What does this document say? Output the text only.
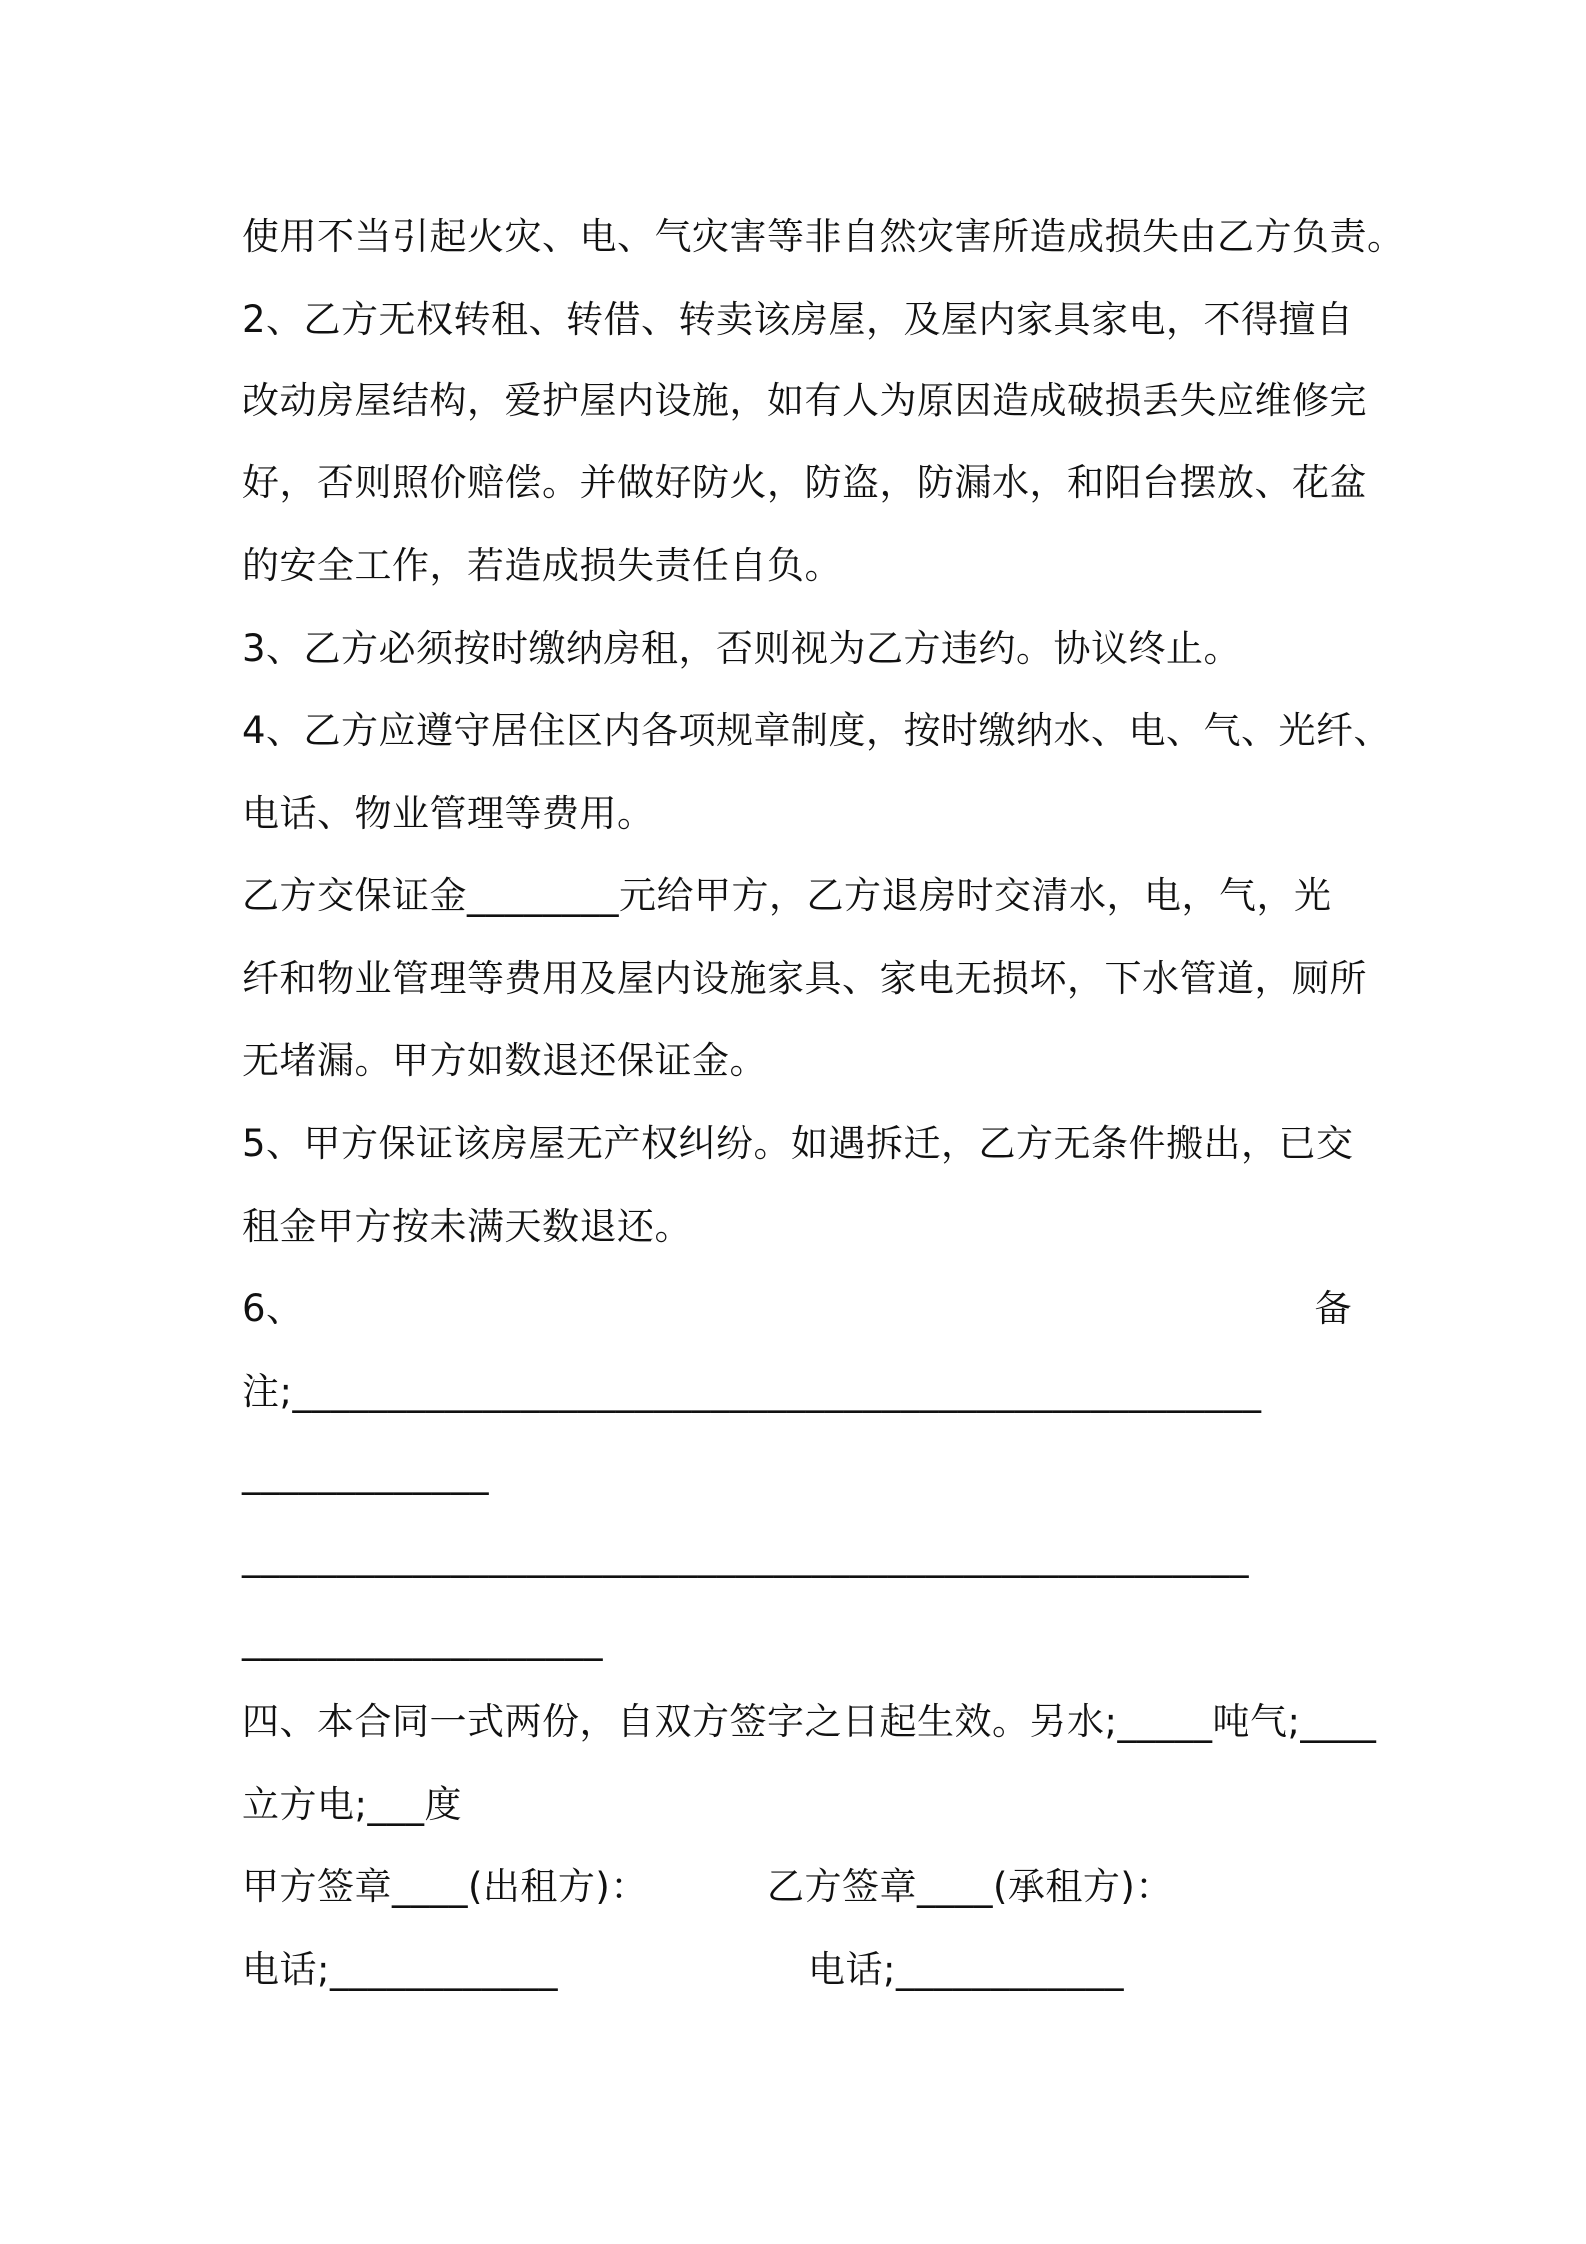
使用不当引起火灾、电、气灾害等非自然灾害所造成损失由乙方负责。
2、乙方无权转租、转借、转卖该房屋，及屋内家具家电，不得擅自
改动房屋结构，爱护屋内设施，如有人为原因造成破损丢失应维修完
好，否则照价赔偿。并做好防火，防盗，防漏水，和阳台摆放、花盆
的安全工作，若造成损失责任自负。
3、乙方必须按时缴纳房租，否则视为乙方违约。协议终止。
4、乙方应遵守居住区内各项规章制度，按时缴纳水、电、气、光纤、
电话、物业管理等费用。
乙方交保证金________元给甲方，乙方退房时交清水，电，气，光
纤和物业管理等费用及屋内设施家具、家电无损坏，下水管道，厕所
无堵漏。甲方如数退还保证金。
5、甲方保证该房屋无产权纠纷。如遇拆迁，乙方无条件搬出，已交
租金甲方按未满天数退还。
6、	备
注;___________________________________________________
_____________
_____________________________________________________
___________________
四、本合同一式两份，自双方签字之日起生效。另水;_____吨气;____
立方电;___度
甲方签章____(出租方)：	乙方签章____(承租方)：
电话;____________	电话;____________
